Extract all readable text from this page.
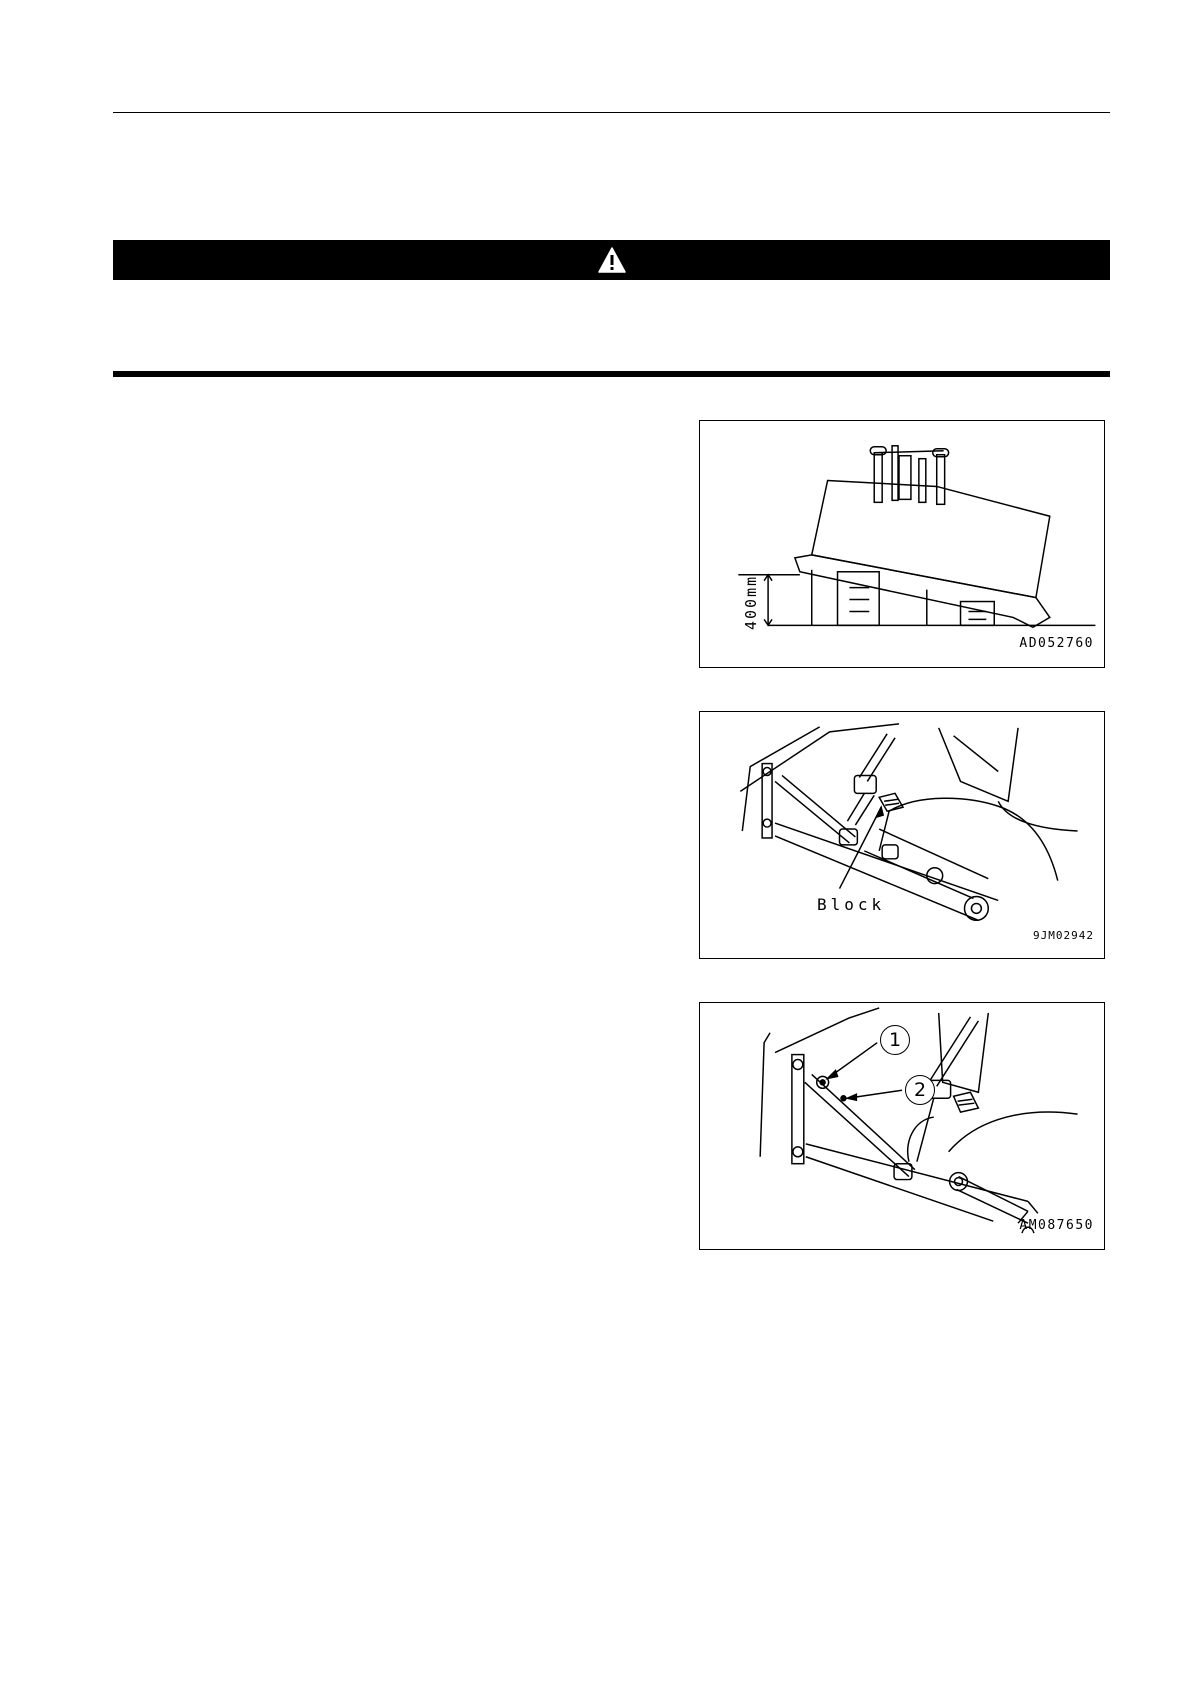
400mm
AD052760
Block
9JM02942
1
2
AM087650
